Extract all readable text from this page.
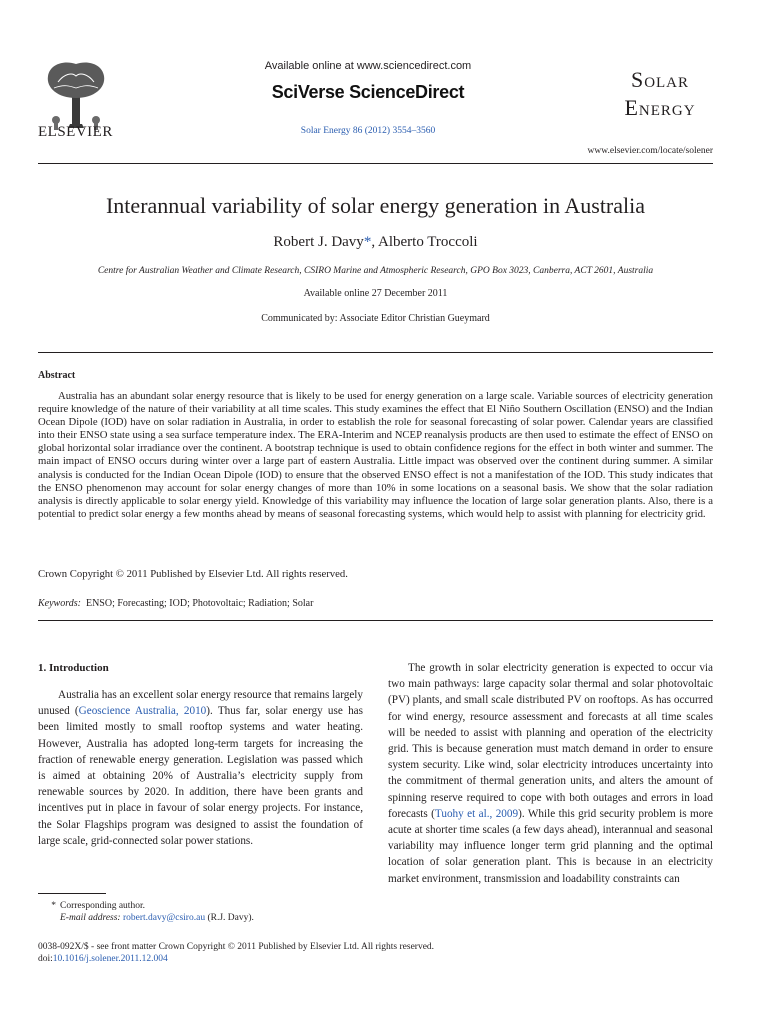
ELSEVIER
Available online at www.sciencedirect.com
SciVerse ScienceDirect
Solar Energy 86 (2012) 3554–3560
Solar
Energy
www.elsevier.com/locate/solener
Interannual variability of solar energy generation in Australia
Robert J. Davy*, Alberto Troccoli
Centre for Australian Weather and Climate Research, CSIRO Marine and Atmospheric Research, GPO Box 3023, Canberra, ACT 2601, Australia
Available online 27 December 2011
Communicated by: Associate Editor Christian Gueymard
Abstract
Australia has an abundant solar energy resource that is likely to be used for energy generation on a large scale. Variable sources of electricity generation require knowledge of the nature of their variability at all time scales. This study examines the effect that El Niño Southern Oscillation (ENSO) and the Indian Ocean Dipole (IOD) have on solar radiation in Australia, in order to establish the role for seasonal forecasting of solar power. Calendar years are classified into their ENSO state using a sea surface temperature index. The ERA-Interim and NCEP reanalysis products are then used to estimate the effect of ENSO on global horizontal solar irradiance over the continent. A bootstrap technique is used to obtain confidence regions for the effect in both winter and summer. The main impact of ENSO occurs during winter over a large part of eastern Australia. Little impact was observed over the continent during summer. A similar analysis is conducted for the Indian Ocean Dipole (IOD) to ensure that the observed ENSO effect is not a manifestation of the IOD. This study indicates that the ENSO phenomenon may account for solar energy changes of more than 10% in some locations on a seasonal basis. We show that the solar radiation analysis is directly applicable to solar energy yield. Knowledge of this variability may influence the location of large solar generation plants. Also, there is a potential to predict solar energy a few months ahead by means of seasonal forecasting systems, which would help to assist with planning for electricity grid.
Crown Copyright © 2011 Published by Elsevier Ltd. All rights reserved.
Keywords: ENSO; Forecasting; IOD; Photovoltaic; Radiation; Solar
1. Introduction
Australia has an excellent solar energy resource that remains largely unused (Geoscience Australia, 2010). Thus far, solar energy use has been limited mostly to small rooftop systems and water heating. However, Australia has adopted long-term targets for increasing the fraction of renewable energy generation. Legislation was passed which is aimed at obtaining 20% of Australia’s electricity supply from renewable sources by 2020. In addition, there have been grants and incentives put in place in favour of solar energy projects. For instance, the Solar Flagships program was designed to assist the foundation of large scale, grid-connected solar power stations.
The growth in solar electricity generation is expected to occur via two main pathways: large capacity solar thermal and solar photovoltaic (PV) plants, and small scale distributed PV on rooftops. As has occurred for wind energy, resource assessment and forecasts at all time scales will be needed to assist with planning and operation of the electricity grid. This is because generation must match demand in order to ensure system security. Like wind, solar electricity introduces uncertainty into the commitment of thermal generation units, and alters the amount of spinning reserve required to cope with both outages and errors in load forecasts (Tuohy et al., 2009). While this grid security problem is more acute at shorter time scales (a few days ahead), interannual and seasonal variability may influence longer term grid planning and the optimal location of solar generation plant. This is because in an electricity market environment, transmission and loadability constraints can
* Corresponding author.
E-mail address: robert.davy@csiro.au (R.J. Davy).
0038-092X/$ - see front matter Crown Copyright © 2011 Published by Elsevier Ltd. All rights reserved.
doi:10.1016/j.solener.2011.12.004
